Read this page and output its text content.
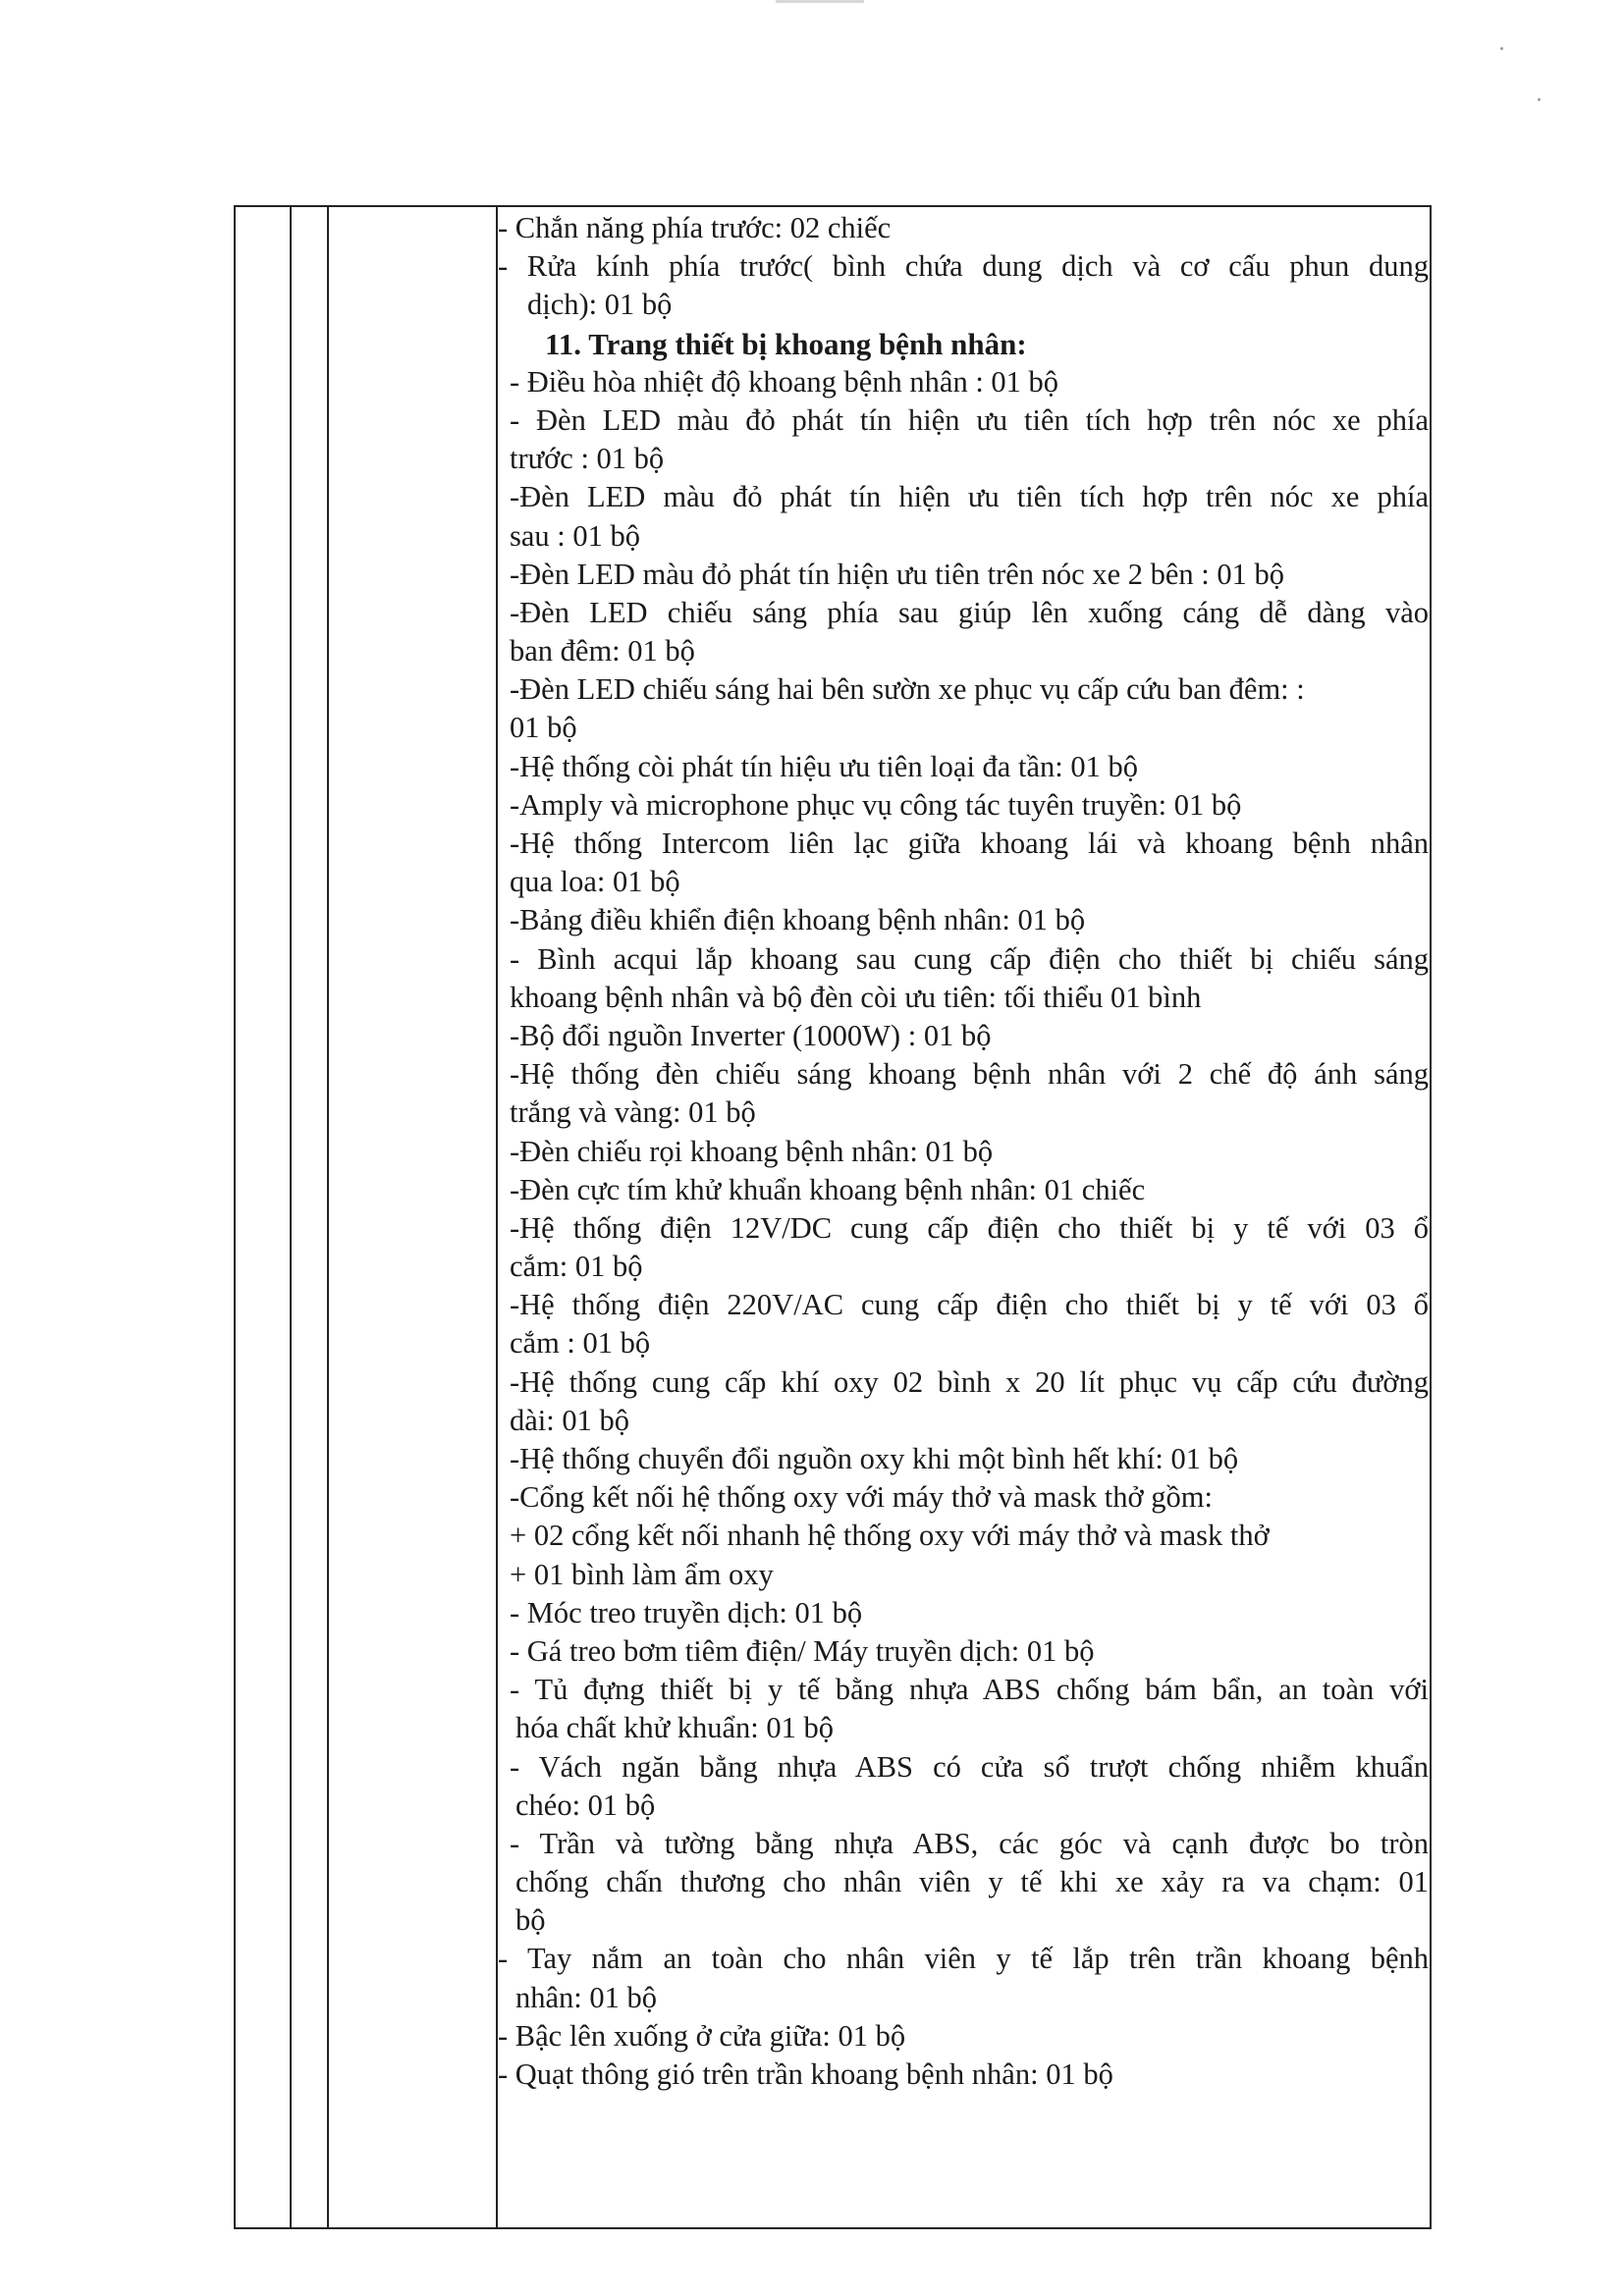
- Chắn năng phía trước: 02 chiếc
- Rửa kính phía trước( bình chứa dung dịch và cơ cấu phun dung
dịch): 01 bộ
11. Trang thiết bị khoang bệnh nhân:
- Điều hòa nhiệt độ khoang bệnh nhân : 01 bộ
- Đèn LED màu đỏ phát tín hiện ưu tiên tích hợp trên nóc xe phía
trước : 01 bộ
-Đèn LED màu đỏ phát tín hiện ưu tiên tích hợp trên nóc xe phía
sau : 01 bộ
-Đèn LED màu đỏ phát tín hiện ưu tiên trên nóc xe 2 bên : 01 bộ
-Đèn LED chiếu sáng phía sau giúp lên xuống cáng dễ dàng vào
ban đêm: 01 bộ
-Đèn LED chiếu sáng hai bên sườn xe phục vụ cấp cứu ban đêm: :
01 bộ
-Hệ thống còi phát tín hiệu ưu tiên loại đa tần: 01 bộ
-Amply và microphone phục vụ công tác tuyên truyền: 01 bộ
-Hệ thống Intercom liên lạc giữa khoang lái và khoang bệnh nhân
qua loa: 01 bộ
-Bảng điều khiển điện khoang bệnh nhân: 01 bộ
- Bình acqui lắp khoang sau cung cấp điện cho thiết bị chiếu sáng
khoang bệnh nhân và bộ đèn còi ưu tiên: tối thiểu 01 bình
-Bộ đổi nguồn Inverter (1000W) : 01 bộ
-Hệ thống đèn chiếu sáng khoang bệnh nhân với 2 chế độ ánh sáng
trắng và vàng: 01 bộ
-Đèn chiếu rọi khoang bệnh nhân: 01 bộ
-Đèn cực tím khử khuẩn khoang bệnh nhân: 01 chiếc
-Hệ thống điện 12V/DC cung cấp điện cho thiết bị y tế với 03 ổ
cắm: 01 bộ
-Hệ thống điện 220V/AC cung cấp điện cho thiết bị y tế với 03 ổ
cắm : 01 bộ
-Hệ thống cung cấp khí oxy 02 bình x 20 lít phục vụ cấp cứu đường
dài: 01 bộ
-Hệ thống chuyển đổi nguồn oxy khi một bình hết khí: 01 bộ
-Cổng kết nối hệ thống oxy với máy thở và mask thở gồm:
+ 02 cổng kết nối nhanh hệ thống oxy với máy thở và mask thở
+ 01 bình làm ẩm oxy
- Móc treo truyền dịch: 01 bộ
- Gá treo bơm tiêm điện/ Máy truyền dịch: 01 bộ
- Tủ đựng thiết bị y tế bằng nhựa ABS chống bám bẩn, an toàn với
hóa chất khử khuẩn: 01 bộ
- Vách ngăn bằng nhựa ABS có cửa sổ trượt chống nhiễm khuẩn
chéo: 01 bộ
- Trần và tường bằng nhựa ABS, các góc và cạnh được bo tròn
chống chấn thương cho nhân viên y tế khi xe xảy ra va chạm: 01
bộ
- Tay nắm an toàn cho nhân viên y tế lắp trên trần khoang bệnh
nhân: 01 bộ
- Bậc lên xuống ở cửa giữa: 01 bộ
- Quạt thông gió trên trần khoang bệnh nhân: 01 bộ
